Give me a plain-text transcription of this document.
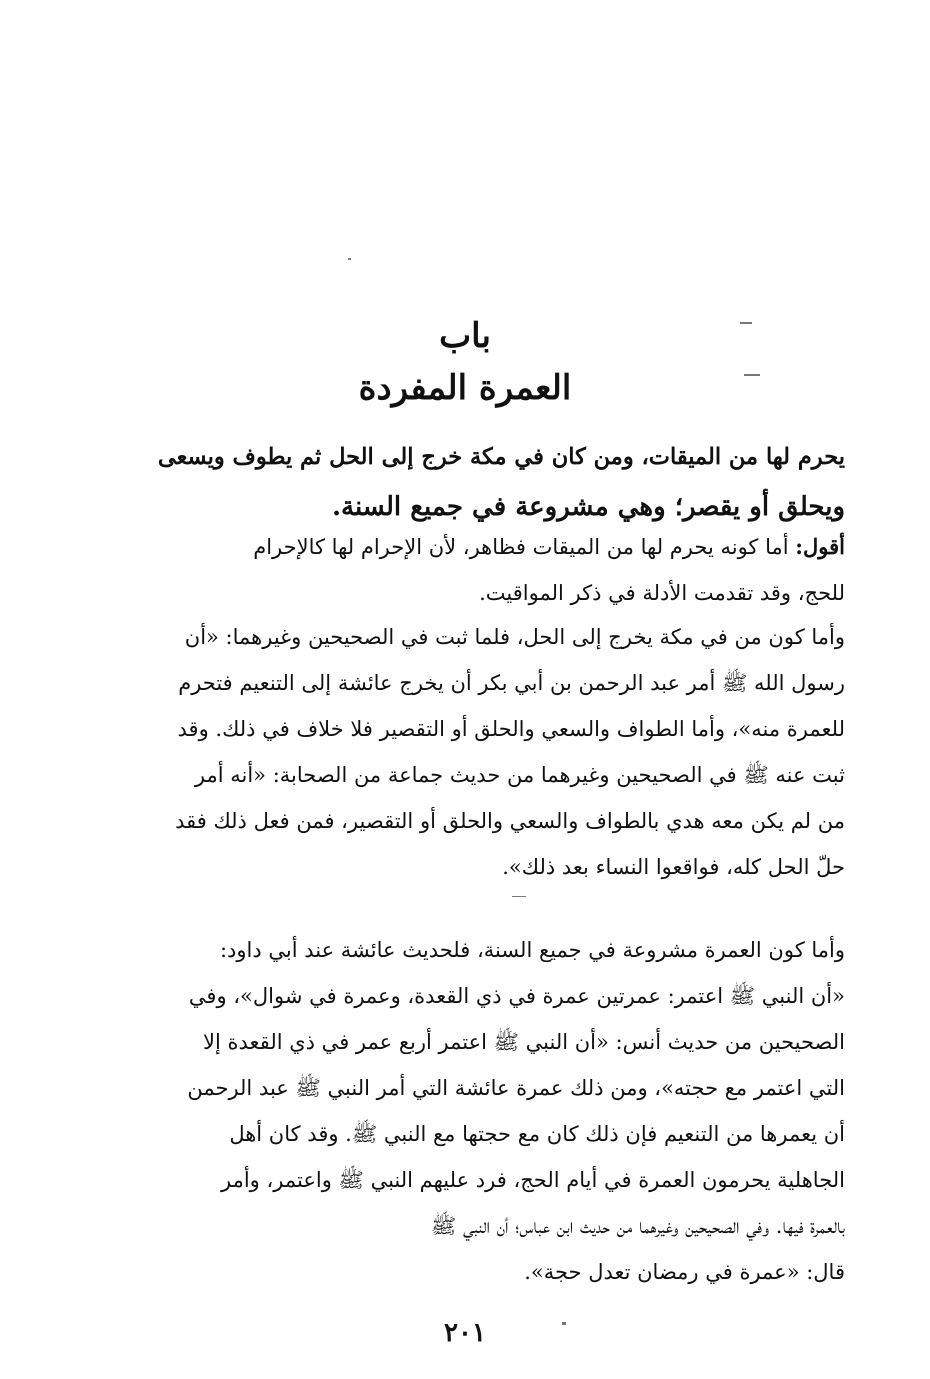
باب
العمرة المفردة
يحرم لها من الميقات، ومن كان في مكة خرج إلى الحل ثم يطوف ويسعى
ويحلق أو يقصر؛ وهي مشروعة في جميع السنة.
أقول: أما كونه يحرم لها من الميقات فظاهر، لأن الإحرام لها كالإحرام
للحج، وقد تقدمت الأدلة في ذكر المواقيت.
وأما كون من في مكة يخرج إلى الحل، فلما ثبت في الصحيحين وغيرهما: «أن
رسول الله ﷺ أمر عبد الرحمن بن أبي بكر أن يخرج عائشة إلى التنعيم فتحرم
للعمرة منه»، وأما الطواف والسعي والحلق أو التقصير فلا خلاف في ذلك. وقد
ثبت عنه ﷺ في الصحيحين وغيرهما من حديث جماعة من الصحابة: «أنه أمر
من لم يكن معه هدي بالطواف والسعي والحلق أو التقصير، فمن فعل ذلك فقد
حلّ الحل كله، فواقعوا النساء بعد ذلك».
وأما كون العمرة مشروعة في جميع السنة، فلحديث عائشة عند أبي داود:
«أن النبي ﷺ اعتمر: عمرتين عمرة في ذي القعدة، وعمرة في شوال»، وفي
الصحيحين من حديث أنس: «أن النبي ﷺ اعتمر أربع عمر في ذي القعدة إلا
التي اعتمر مع حجته»، ومن ذلك عمرة عائشة التي أمر النبي ﷺ عبد الرحمن
أن يعمرها من التنعيم فإن ذلك كان مع حجتها مع النبي ﷺ. وقد كان أهل
الجاهلية يحرمون العمرة في أيام الحج، فرد عليهم النبي ﷺ واعتمر، وأمر
بالعمرة فيها. وفي الصحيحين وغيرهما من حديث ابن عباس؛ أن النبي ﷺ
قال: «عمرة في رمضان تعدل حجة».
٢٠١
